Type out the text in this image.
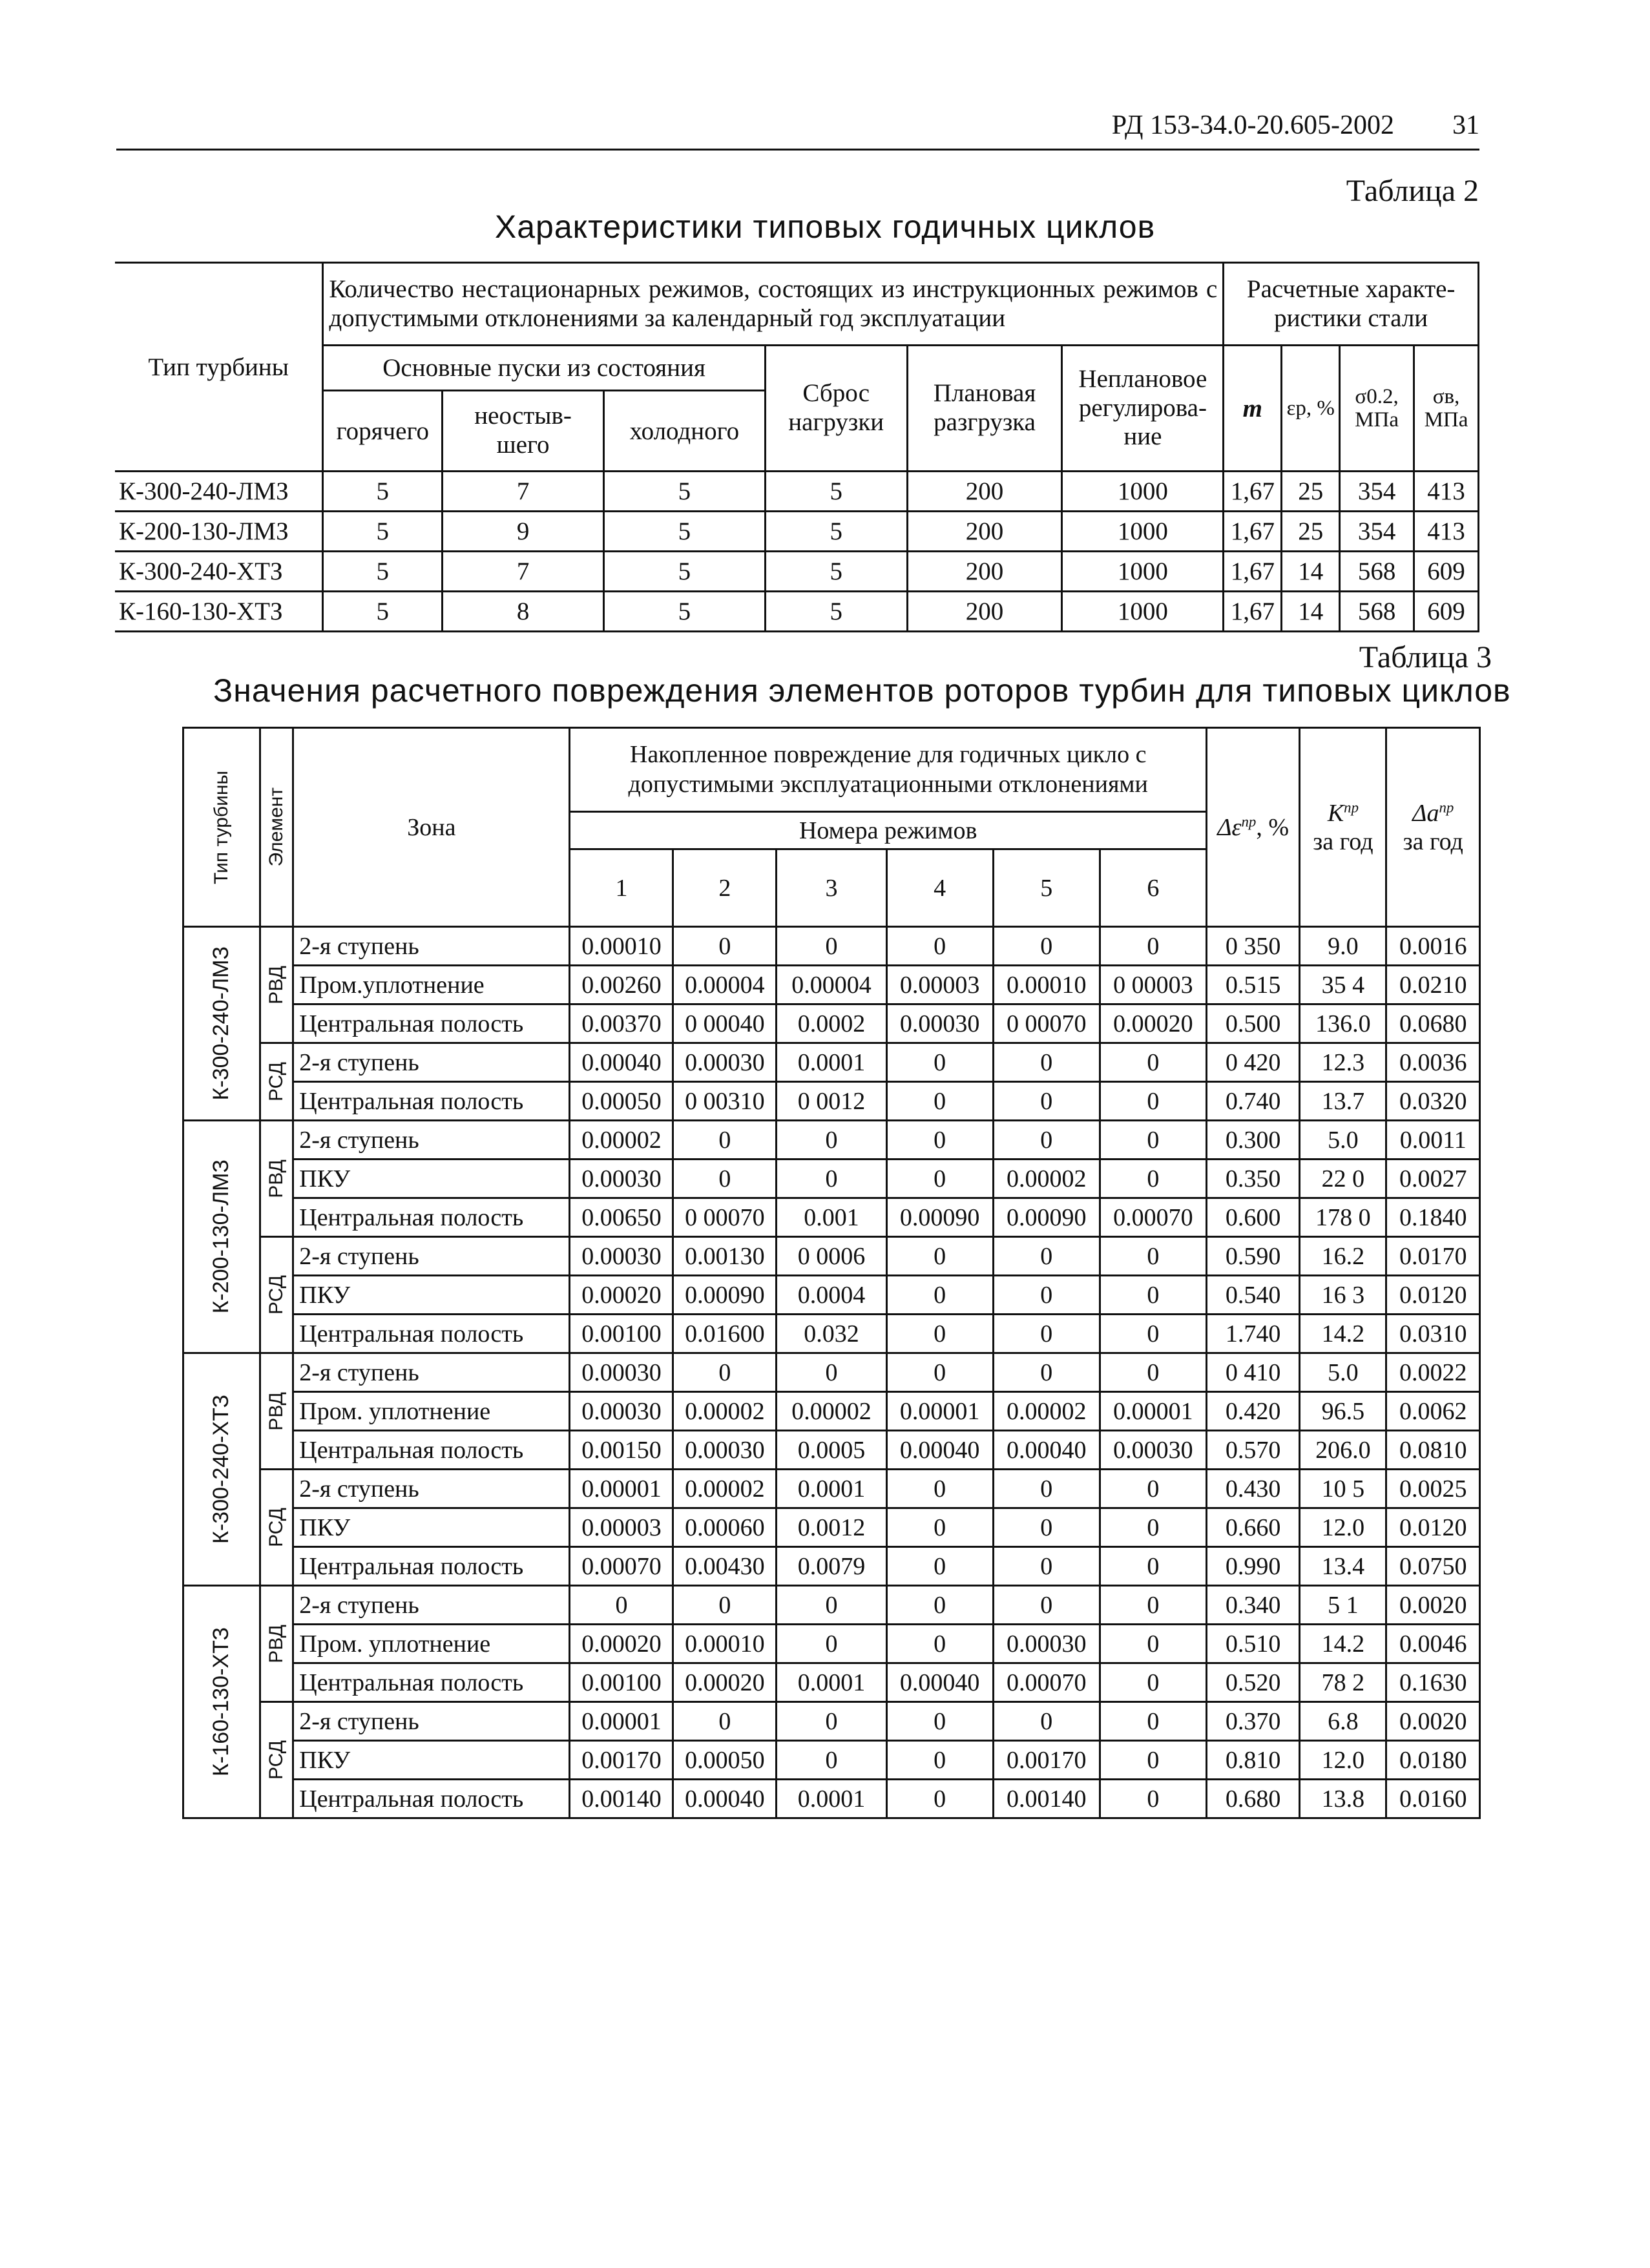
РД 153-34.0-20.605-2002 31
Таблица 2
Характеристики типовых годичных циклов
Тип турбины	Количество нестационарных режимов, состоящих из инструкционных режимов с допустимыми отклонениями за календарный год эксплуатации						Расчетные характе-ристики стали			
	Основные пуски из состояния			Сброс нагрузки	Плановая разгрузка	Неплановое регулирова-ние	m	εр, %	σ0.2, МПа	σв, МПа
	горячего	неостыв-шего	холодного							
К-300-240-ЛМЗ	5	7	5	5	200	1000	1,67	25	354	413
К-200-130-ЛМЗ	5	9	5	5	200	1000	1,67	25	354	413
К-300-240-ХТЗ	5	7	5	5	200	1000	1,67	14	568	609
К-160-130-ХТЗ	5	8	5	5	200	1000	1,67	14	568	609
Таблица 3
Значения расчетного повреждения элементов роторов турбин для типовых циклов
Тип турбины	Элемент	Зона	Накопленное повреждение для годичных цикло с допустимыми эксплуатационными отклонениями						$\Delta\varepsilon^{пр}$, %	$K^{пр}$
за год	$\Delta a^{пр}$
за год
			Номера режимов								
			1	2	3	4	5	6			

К-300-240-ЛМЗ	РВД	2-я ступень	0.00010	0	0	0	0	0	0 350	9.0	0.0016
		Пром.уплотнение	0.00260	0.00004	0.00004	0.00003	0.00010	0 00003	0.515	35 4	0.0210
		Центральная полость	0.00370	0 00040	0.0002	0.00030	0 00070	0.00020	0.500	136.0	0.0680

	РСД	2-я ступень	0.00040	0.00030	0.0001	0	0	0	0 420	12.3	0.0036
		Центральная полость	0.00050	0 00310	0 0012	0	0	0	0.740	13.7	0.0320

К-200-130-ЛМЗ	РВД	2-я ступень	0.00002	0	0	0	0	0	0.300	5.0	0.0011
		ПКУ	0.00030	0	0	0	0.00002	0	0.350	22 0	0.0027
		Центральная полость	0.00650	0 00070	0.001	0.00090	0.00090	0.00070	0.600	178 0	0.1840

	РСД	2-я ступень	0.00030	0.00130	0 0006	0	0	0	0.590	16.2	0.0170
		ПКУ	0.00020	0.00090	0.0004	0	0	0	0.540	16 3	0.0120
		Центральная полость	0.00100	0.01600	0.032	0	0	0	1.740	14.2	0.0310

К-300-240-ХТЗ	РВД	2-я ступень	0.00030	0	0	0	0	0	0 410	5.0	0.0022
		Пром. уплотнение	0.00030	0.00002	0.00002	0.00001	0.00002	0.00001	0.420	96.5	0.0062
		Центральная полость	0.00150	0.00030	0.0005	0.00040	0.00040	0.00030	0.570	206.0	0.0810

	РСД	2-я ступень	0.00001	0.00002	0.0001	0	0	0	0.430	10 5	0.0025
		ПКУ	0.00003	0.00060	0.0012	0	0	0	0.660	12.0	0.0120
		Центральная полость	0.00070	0.00430	0.0079	0	0	0	0.990	13.4	0.0750

К-160-130-ХТЗ	РВД	2-я ступень	0	0	0	0	0	0	0.340	5 1	0.0020
		Пром. уплотнение	0.00020	0.00010	0	0	0.00030	0	0.510	14.2	0.0046
		Центральная полость	0.00100	0.00020	0.0001	0.00040	0.00070	0	0.520	78 2	0.1630

	РСД	2-я ступень	0.00001	0	0	0	0	0	0.370	6.8	0.0020
		ПКУ	0.00170	0.00050	0	0	0.00170	0	0.810	12.0	0.0180
		Центральная полость	0.00140	0.00040	0.0001	0	0.00140	0	0.680	13.8	0.0160
